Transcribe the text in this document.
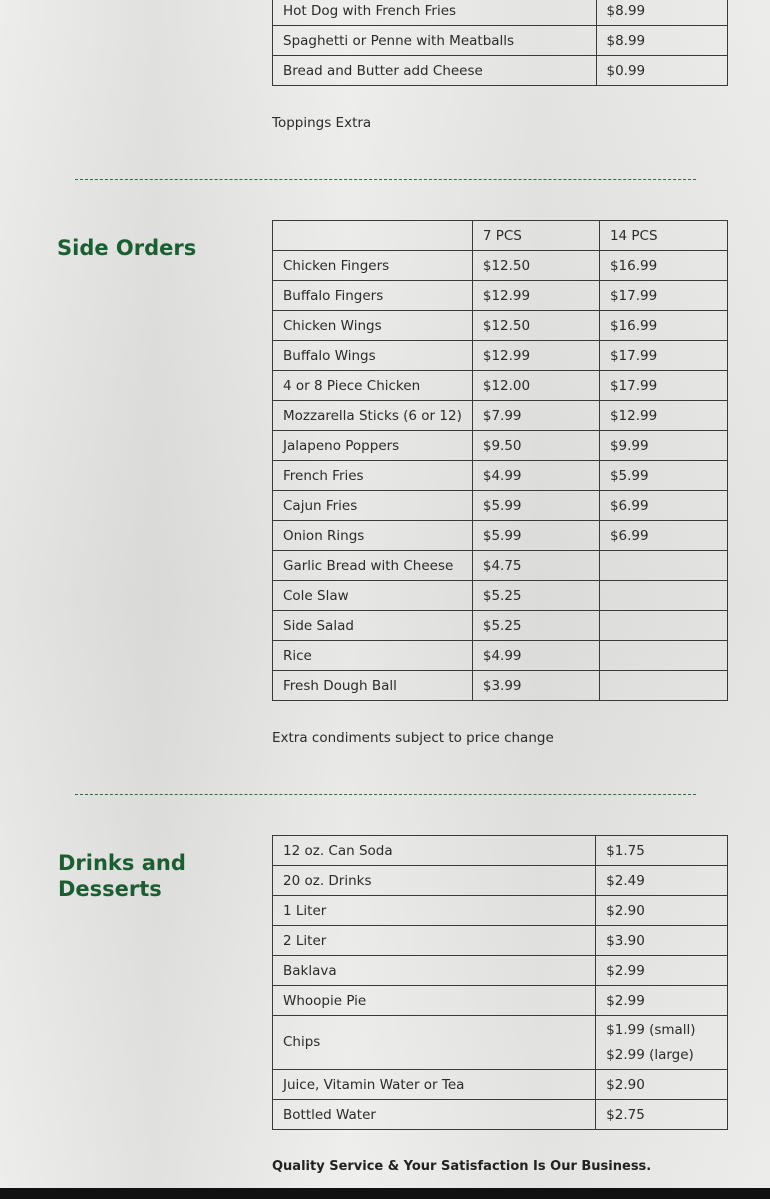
Hot Dog with French Fries	$8.99
Spaghetti or Penne with Meatballs	$8.99
Bread and Butter add Cheese	$0.99
Toppings Extra
Side Orders
	7 PCS	14 PCS
Chicken Fingers	$12.50	$16.99
Buffalo Fingers	$12.99	$17.99
Chicken Wings	$12.50	$16.99
Buffalo Wings	$12.99	$17.99
4 or 8 Piece Chicken	$12.00	$17.99
Mozzarella Sticks (6 or 12)	$7.99	$12.99
Jalapeno Poppers	$9.50	$9.99
French Fries	$4.99	$5.99
Cajun Fries	$5.99	$6.99
Onion Rings	$5.99	$6.99
Garlic Bread with Cheese	$4.75	
Cole Slaw	$5.25	
Side Salad	$5.25	
Rice	$4.99	
Fresh Dough Ball	$3.99	
Extra condiments subject to price change
Drinks and
Desserts
12 oz. Can Soda	$1.75
20 oz. Drinks	$2.49
1 Liter	$2.90
2 Liter	$3.90
Baklava	$2.99
Whoopie Pie	$2.99
Chips	$1.99 (small)
$2.99 (large)

Juice, Vitamin Water or Tea	$2.90
Bottled Water	$2.75
Quality Service & Your Satisfaction Is Our Business.
